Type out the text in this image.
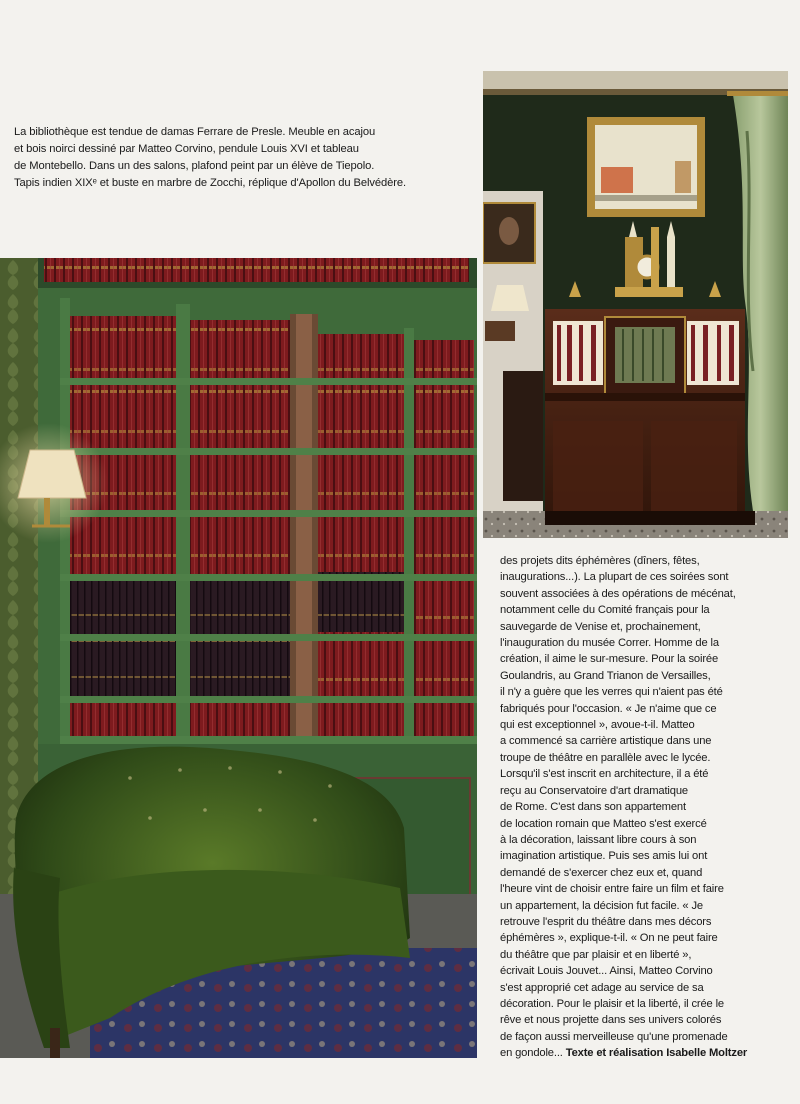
La bibliothèque est tendue de damas Ferrare de Presle. Meuble en acajou
et bois noirci dessiné par Matteo Corvino, pendule Louis XVI et tableau
de Montebello. Dans un des salons, plafond peint par un élève de Tiepolo.
Tapis indien XIXᵉ et buste en marbre de Zocchi, réplique d'Apollon du Belvédère.
des projets dits éphémères (dîners, fêtes,
inaugurations...). La plupart de ces soirées sont
souvent associées à des opérations de mécénat,
notamment celle du Comité français pour la
sauvegarde de Venise et, prochainement,
l'inauguration du musée Correr. Homme de la
création, il aime le sur-mesure. Pour la soirée
Goulandris, au Grand Trianon de Versailles,
il n'y a guère que les verres qui n'aient pas été
fabriqués pour l'occasion. « Je n'aime que ce
qui est exceptionnel », avoue-t-il. Matteo
a commencé sa carrière artistique dans une
troupe de théâtre en parallèle avec le lycée.
Lorsqu'il s'est inscrit en architecture, il a été
reçu au Conservatoire d'art dramatique
de Rome. C'est dans son appartement
de location romain que Matteo s'est exercé
à la décoration, laissant libre cours à son
imagination artistique. Puis ses amis lui ont
demandé de s'exercer chez eux et, quand
l'heure vint de choisir entre faire un film et faire
un appartement, la décision fut facile. « Je
retrouve l'esprit du théâtre dans mes décors
éphémères », explique-t-il. « On ne peut faire
du théâtre que par plaisir et en liberté »,
écrivait Louis Jouvet... Ainsi, Matteo Corvino
s'est approprié cet adage au service de sa
décoration. Pour le plaisir et la liberté, il crée le
rêve et nous projette dans ses univers colorés
de façon aussi merveilleuse qu'une promenade
en gondole... Texte et réalisation Isabelle Moltzer
